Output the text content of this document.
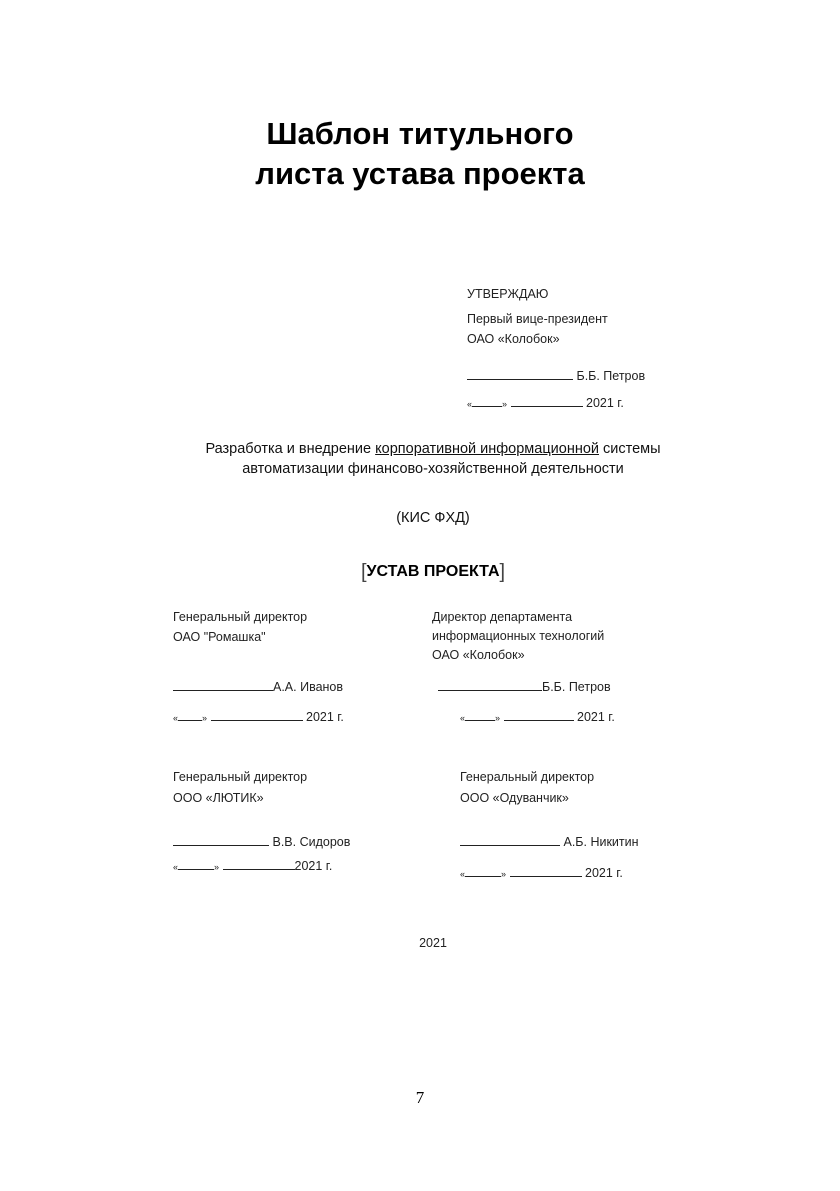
Шаблон титульного
листа устава проекта
УТВЕРЖДАЮ
Первый вице-президент
ОАО «Колобок»
Б.Б. Петров
«	»	2021 г.
Разработка и внедрение корпоративной информационной системы
автоматизации финансово-хозяйственной деятельности
(КИС ФХД)
[УСТАВ ПРОЕКТА]
Генеральный директор
ОАО "Ромашка"
А.А. Иванов
«	»	2021 г.
Директор департамента
информационных технологий
ОАО «Колобок»
Б.Б. Петров
«	»	2021 г.
Генеральный директор
ООО «ЛЮТИК»
В.В. Сидоров
«	»	2021 г.
Генеральный директор
ООО «Одуванчик»
А.Б. Никитин
«	»	2021 г.
2021
7
